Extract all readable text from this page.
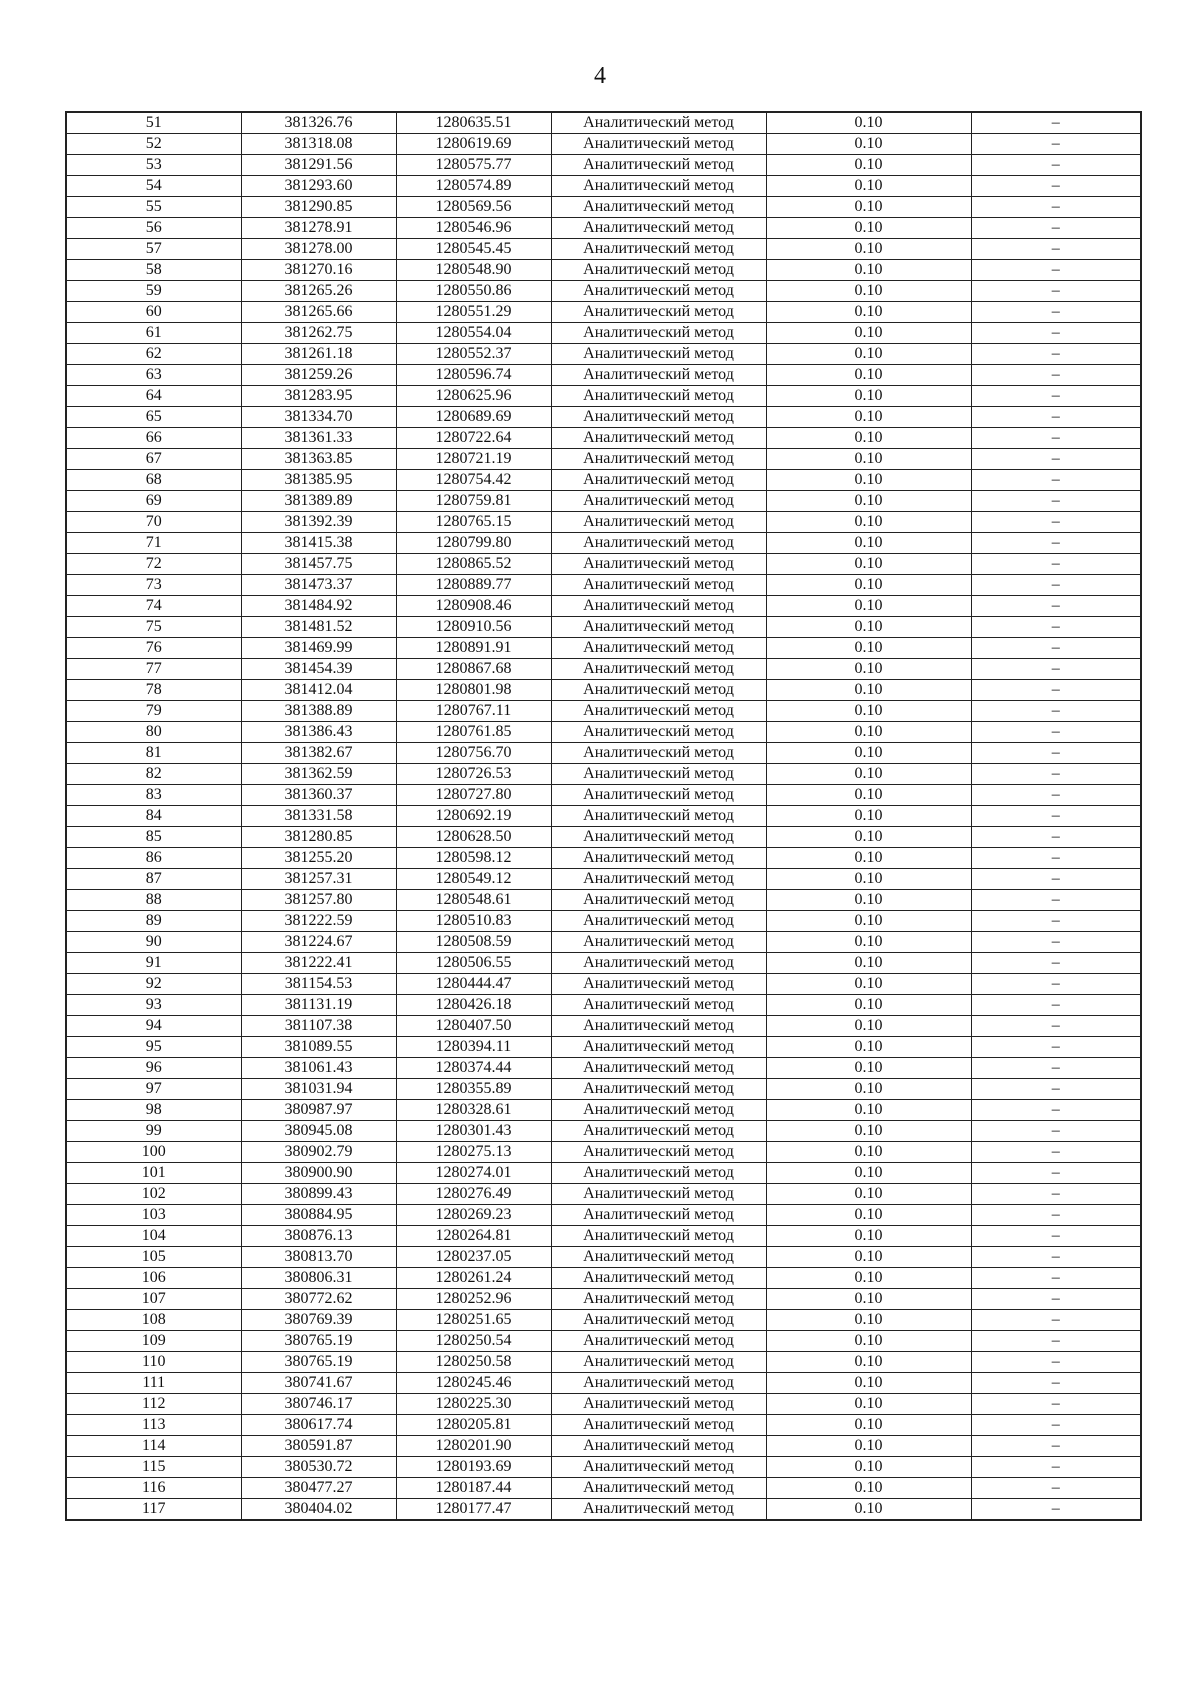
4
51	381326.76	1280635.51	Аналитический метод	0.10	–
52	381318.08	1280619.69	Аналитический метод	0.10	–
53	381291.56	1280575.77	Аналитический метод	0.10	–
54	381293.60	1280574.89	Аналитический метод	0.10	–
55	381290.85	1280569.56	Аналитический метод	0.10	–
56	381278.91	1280546.96	Аналитический метод	0.10	–
57	381278.00	1280545.45	Аналитический метод	0.10	–
58	381270.16	1280548.90	Аналитический метод	0.10	–
59	381265.26	1280550.86	Аналитический метод	0.10	–
60	381265.66	1280551.29	Аналитический метод	0.10	–
61	381262.75	1280554.04	Аналитический метод	0.10	–
62	381261.18	1280552.37	Аналитический метод	0.10	–
63	381259.26	1280596.74	Аналитический метод	0.10	–
64	381283.95	1280625.96	Аналитический метод	0.10	–
65	381334.70	1280689.69	Аналитический метод	0.10	–
66	381361.33	1280722.64	Аналитический метод	0.10	–
67	381363.85	1280721.19	Аналитический метод	0.10	–
68	381385.95	1280754.42	Аналитический метод	0.10	–
69	381389.89	1280759.81	Аналитический метод	0.10	–
70	381392.39	1280765.15	Аналитический метод	0.10	–
71	381415.38	1280799.80	Аналитический метод	0.10	–
72	381457.75	1280865.52	Аналитический метод	0.10	–
73	381473.37	1280889.77	Аналитический метод	0.10	–
74	381484.92	1280908.46	Аналитический метод	0.10	–
75	381481.52	1280910.56	Аналитический метод	0.10	–
76	381469.99	1280891.91	Аналитический метод	0.10	–
77	381454.39	1280867.68	Аналитический метод	0.10	–
78	381412.04	1280801.98	Аналитический метод	0.10	–
79	381388.89	1280767.11	Аналитический метод	0.10	–
80	381386.43	1280761.85	Аналитический метод	0.10	–
81	381382.67	1280756.70	Аналитический метод	0.10	–
82	381362.59	1280726.53	Аналитический метод	0.10	–
83	381360.37	1280727.80	Аналитический метод	0.10	–
84	381331.58	1280692.19	Аналитический метод	0.10	–
85	381280.85	1280628.50	Аналитический метод	0.10	–
86	381255.20	1280598.12	Аналитический метод	0.10	–
87	381257.31	1280549.12	Аналитический метод	0.10	–
88	381257.80	1280548.61	Аналитический метод	0.10	–
89	381222.59	1280510.83	Аналитический метод	0.10	–
90	381224.67	1280508.59	Аналитический метод	0.10	–
91	381222.41	1280506.55	Аналитический метод	0.10	–
92	381154.53	1280444.47	Аналитический метод	0.10	–
93	381131.19	1280426.18	Аналитический метод	0.10	–
94	381107.38	1280407.50	Аналитический метод	0.10	–
95	381089.55	1280394.11	Аналитический метод	0.10	–
96	381061.43	1280374.44	Аналитический метод	0.10	–
97	381031.94	1280355.89	Аналитический метод	0.10	–
98	380987.97	1280328.61	Аналитический метод	0.10	–
99	380945.08	1280301.43	Аналитический метод	0.10	–
100	380902.79	1280275.13	Аналитический метод	0.10	–
101	380900.90	1280274.01	Аналитический метод	0.10	–
102	380899.43	1280276.49	Аналитический метод	0.10	–
103	380884.95	1280269.23	Аналитический метод	0.10	–
104	380876.13	1280264.81	Аналитический метод	0.10	–
105	380813.70	1280237.05	Аналитический метод	0.10	–
106	380806.31	1280261.24	Аналитический метод	0.10	–
107	380772.62	1280252.96	Аналитический метод	0.10	–
108	380769.39	1280251.65	Аналитический метод	0.10	–
109	380765.19	1280250.54	Аналитический метод	0.10	–
110	380765.19	1280250.58	Аналитический метод	0.10	–
111	380741.67	1280245.46	Аналитический метод	0.10	–
112	380746.17	1280225.30	Аналитический метод	0.10	–
113	380617.74	1280205.81	Аналитический метод	0.10	–
114	380591.87	1280201.90	Аналитический метод	0.10	–
115	380530.72	1280193.69	Аналитический метод	0.10	–
116	380477.27	1280187.44	Аналитический метод	0.10	–
117	380404.02	1280177.47	Аналитический метод	0.10	–
